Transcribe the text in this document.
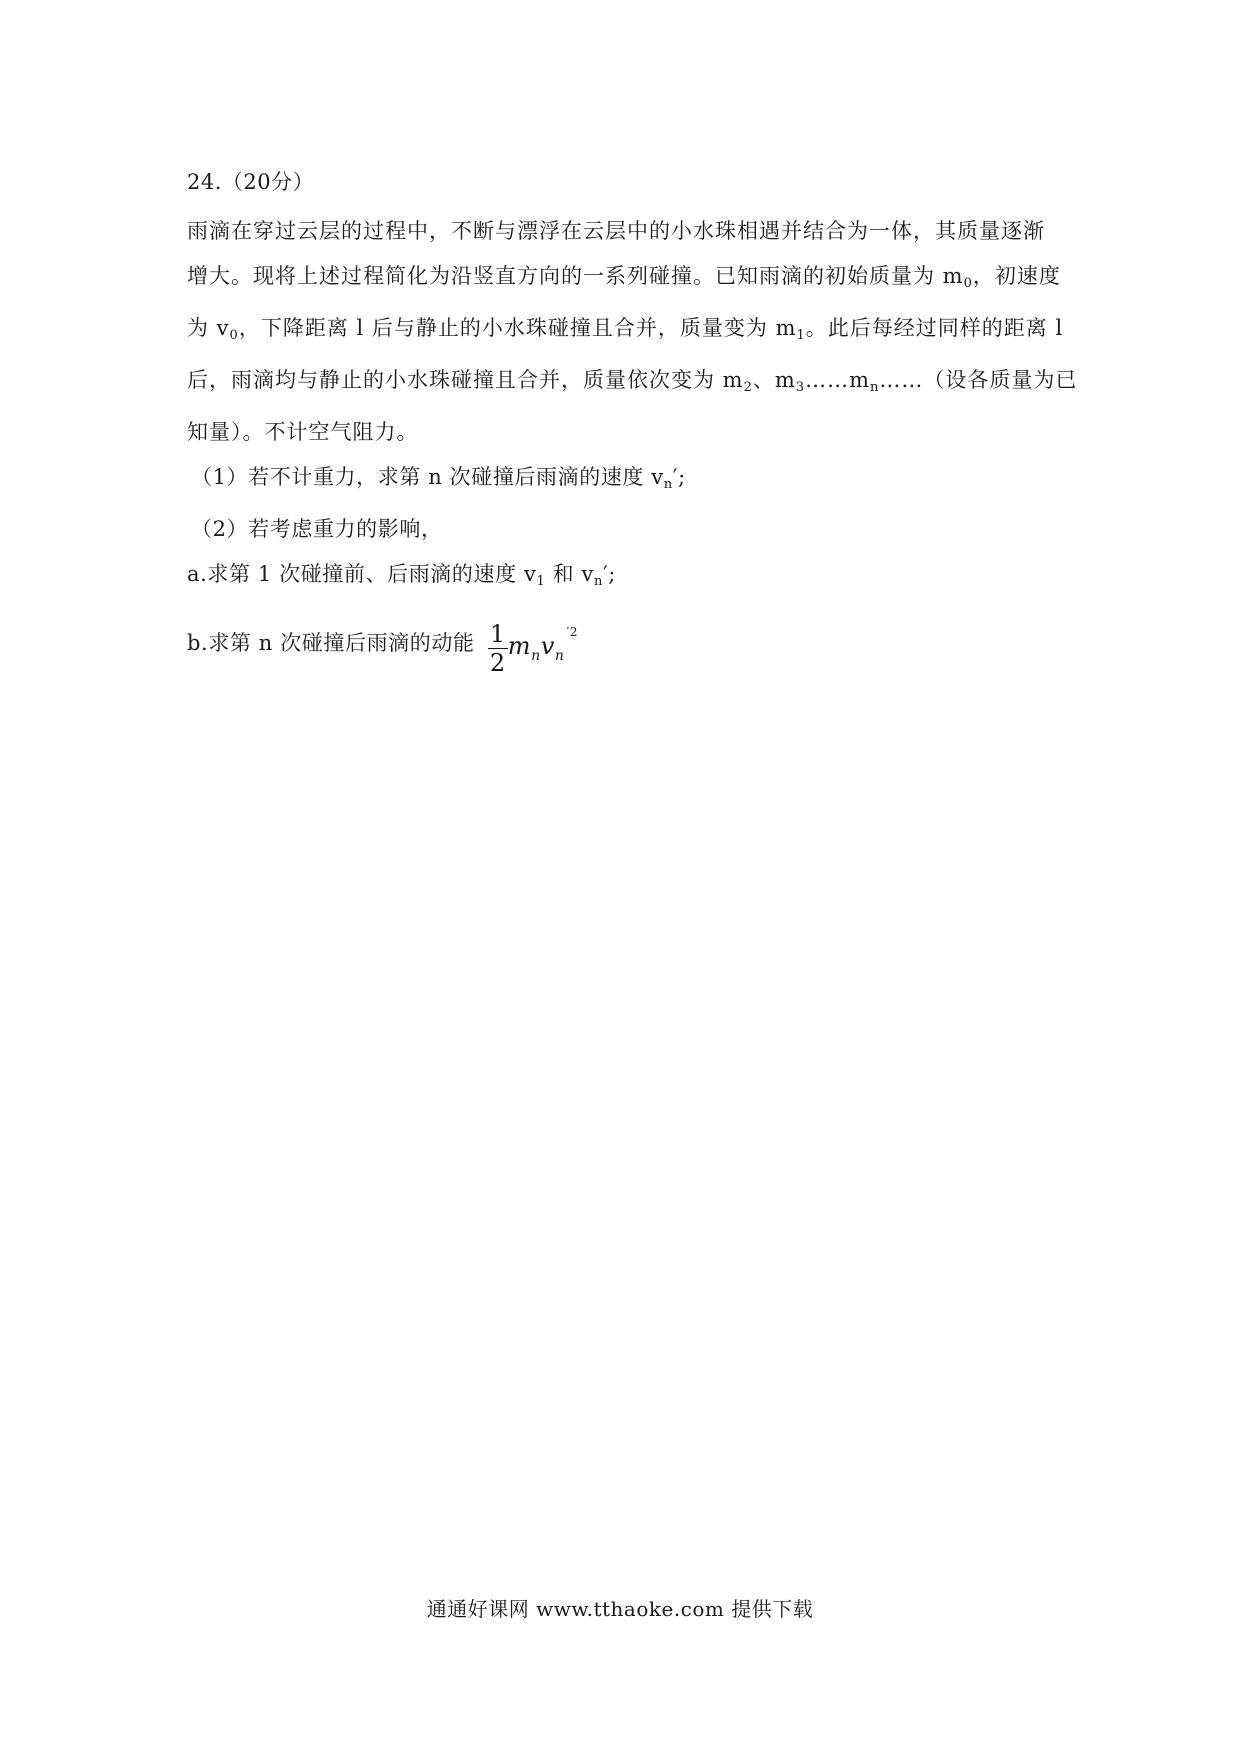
24.（20分）
雨滴在穿过云层的过程中，不断与漂浮在云层中的小水珠相遇并结合为一体，其质量逐渐
增大。现将上述过程简化为沿竖直方向的一系列碰撞。已知雨滴的初始质量为 $m_0$，初速度
为 $v_0$，下降距离 l 后与静止的小水珠碰撞且合并，质量变为 $m_1$。此后每经过同样的距离 l
后，雨滴均与静止的小水珠碰撞且合并，质量依次变为 $m_2$、$m_3\dots\dots m_n\dots\dots$（设各质量为已
知量）。不计空气阻力。
（1）若不计重力，求第 n 次碰撞后雨滴的速度 $v_n'$;
（2）若考虑重力的影响，
a.求第 1 次碰撞前、后雨滴的速度 $v_1$ 和 $v_n'$;
b.求第 n 次碰撞后雨滴的动能 $\frac{1}{2} m_nv_n^{'2}$
通通好课网 www.tthaoke.com 提供下载
